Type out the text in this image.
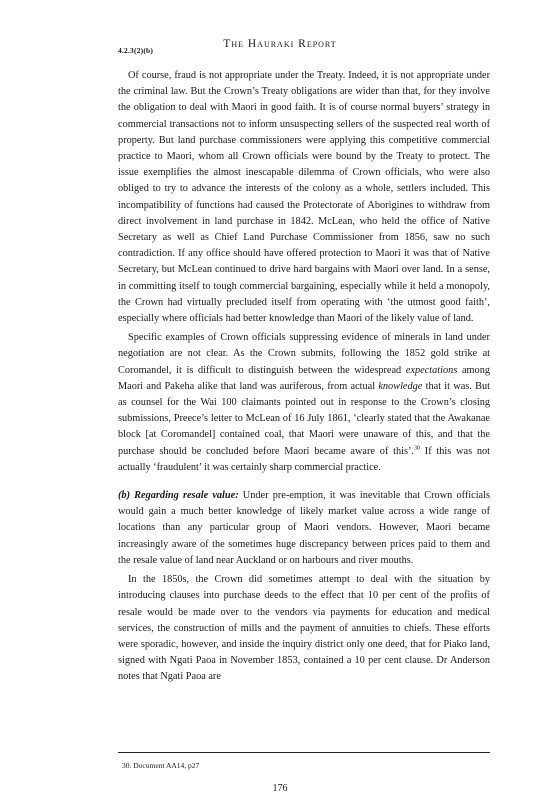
4.2.3(2)(b)
The Hauraki Report

Of course, fraud is not appropriate under the Treaty. Indeed, it is not appropriate under the criminal law. But the Crown’s Treaty obligations are wider than that, for they involve the obligation to deal with Maori in good faith. It is of course normal buyers’ strategy in commercial transactions not to inform unsuspecting sellers of the suspected real worth of property. But land purchase commissioners were applying this competitive commercial practice to Maori, whom all Crown officials were bound by the Treaty to protect. The issue exemplifies the almost inescapable dilemma of Crown officials, who were also obliged to try to advance the interests of the colony as a whole, settlers included. This incompatibility of functions had caused the Protectorate of Aborigines to withdraw from direct involvement in land purchase in 1842. McLean, who held the office of Native Secretary as well as Chief Land Purchase Commissioner from 1856, saw no such contradiction. If any office should have offered protection to Maori it was that of Native Secretary, but McLean continued to drive hard bargains with Maori over land. In a sense, in committing itself to tough commercial bargaining, especially while it held a monopoly, the Crown had virtually precluded itself from operating with ‘the utmost good faith’, especially where officials had better knowledge than Maori of the likely value of land.

Specific examples of Crown officials suppressing evidence of minerals in land under negotiation are not clear. As the Crown submits, following the 1852 gold strike at Coromandel, it is difficult to distinguish between the widespread expectations among Maori and Pakeha alike that land was auriferous, from actual knowledge that it was. But as counsel for the Wai 100 claimants pointed out in response to the Crown’s closing submissions, Preece’s letter to McLean of 16 July 1861, ‘clearly stated that the Awakanae block [at Coromandel] contained coal, that Maori were unaware of this, and that the purchase should be concluded before Maori became aware of this’.$^{30}$ If this was not actually ‘fraudulent’ it was certainly sharp commercial practice.

(b) Regarding resale value: Under pre-emption, it was inevitable that Crown officials would gain a much better knowledge of likely market value across a wide range of locations than any particular group of Maori vendors. However, Maori became increasingly aware of the sometimes huge discrepancy between prices paid to them and the resale value of land near Auckland or on harbours and river mouths.

In the 1850s, the Crown did sometimes attempt to deal with the situation by introducing clauses into purchase deeds to the effect that 10 per cent of the profits of resale would be made over to the vendors via payments for education and medical services, the construction of mills and the payment of annuities to chiefs. These efforts were sporadic, however, and inside the inquiry district only one deed, that for Piako land, signed with Ngati Paoa in November 1853, contained a 10 per cent clause. Dr Anderson notes that Ngati Paoa are

30. Document AA14, p27
176
